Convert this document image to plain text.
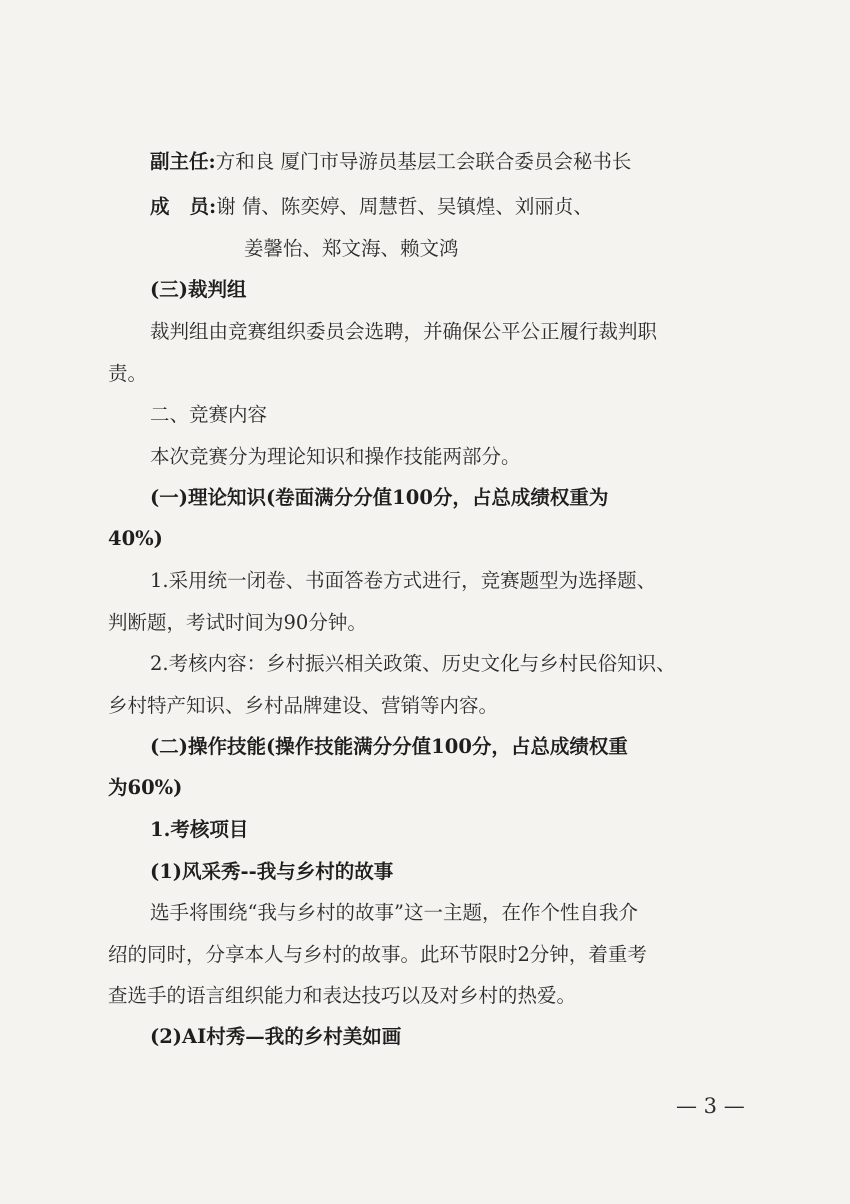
副主任:方和良 厦门市导游员基层工会联合委员会秘书长
成 员:谢 倩、陈奕婷、周慧哲、吴镇煌、刘丽贞、
姜馨怡、郑文海、赖文鸿
(三)裁判组
裁判组由竞赛组织委员会选聘，并确保公平公正履行裁判职
责。
二、竞赛内容
本次竞赛分为理论知识和操作技能两部分。
(一)理论知识(卷面满分分值100分，占总成绩权重为
40%)
1.采用统一闭卷、书面答卷方式进行，竞赛题型为选择题、
判断题，考试时间为90分钟。
2.考核内容：乡村振兴相关政策、历史文化与乡村民俗知识、
乡村特产知识、乡村品牌建设、营销等内容。
(二)操作技能(操作技能满分分值100分，占总成绩权重
为60%)
1.考核项目
(1)风采秀--我与乡村的故事
选手将围绕“我与乡村的故事”这一主题，在作个性自我介
绍的同时，分享本人与乡村的故事。此环节限时2分钟，着重考
查选手的语言组织能力和表达技巧以及对乡村的热爱。
(2)AI村秀—我的乡村美如画
— 3 —
